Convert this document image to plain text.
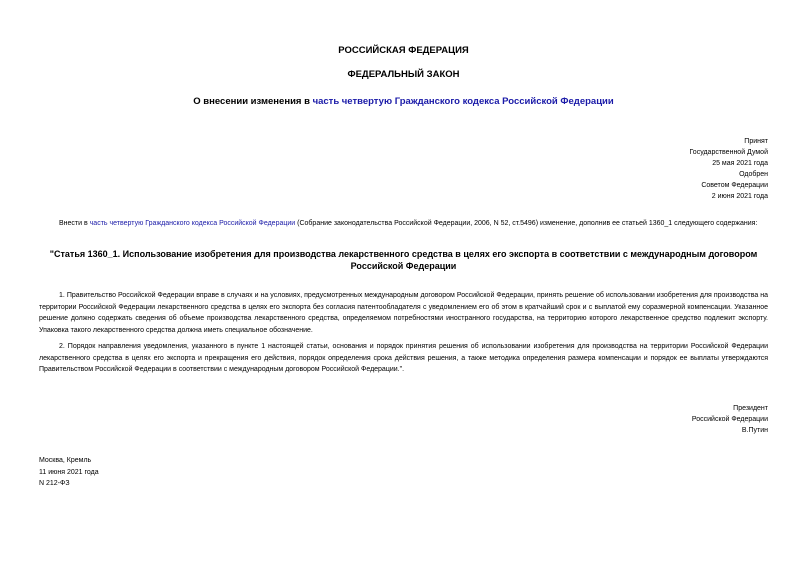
РОССИЙСКАЯ ФЕДЕРАЦИЯ
ФЕДЕРАЛЬНЫЙ ЗАКОН
О внесении изменения в часть четвертую Гражданского кодекса Российской Федерации
Принят
Государственной Думой
25 мая 2021 года
Одобрен
Советом Федерации
2 июня 2021 года
Внести в часть четвертую Гражданского кодекса Российской Федерации (Собрание законодательства Российской Федерации, 2006, N 52, ст.5496) изменение, дополнив ее статьей 1360_1 следующего содержания:
"Статья 1360_1. Использование изобретения для производства лекарственного средства в целях его экспорта в соответствии с международным договором Российской Федерации
1. Правительство Российской Федерации вправе в случаях и на условиях, предусмотренных международным договором Российской Федерации, принять решение об использовании изобретения для производства на территории Российской Федерации лекарственного средства в целях его экспорта без согласия патентообладателя с уведомлением его об этом в кратчайший срок и с выплатой ему соразмерной компенсации. Указанное решение должно содержать сведения об объеме производства лекарственного средства, определяемом потребностями иностранного государства, на территорию которого лекарственное средство подлежит экспорту. Упаковка такого лекарственного средства должна иметь специальное обозначение.
2. Порядок направления уведомления, указанного в пункте 1 настоящей статьи, основания и порядок принятия решения об использовании изобретения для производства на территории Российской Федерации лекарственного средства в целях его экспорта и прекращения его действия, порядок определения срока действия решения, а также методика определения размера компенсации и порядок ее выплаты утверждаются Правительством Российской Федерации в соответствии с международным договором Российской Федерации.".
Президент
Российской Федерации
В.Путин
Москва, Кремль
11 июня 2021 года
N 212-ФЗ
